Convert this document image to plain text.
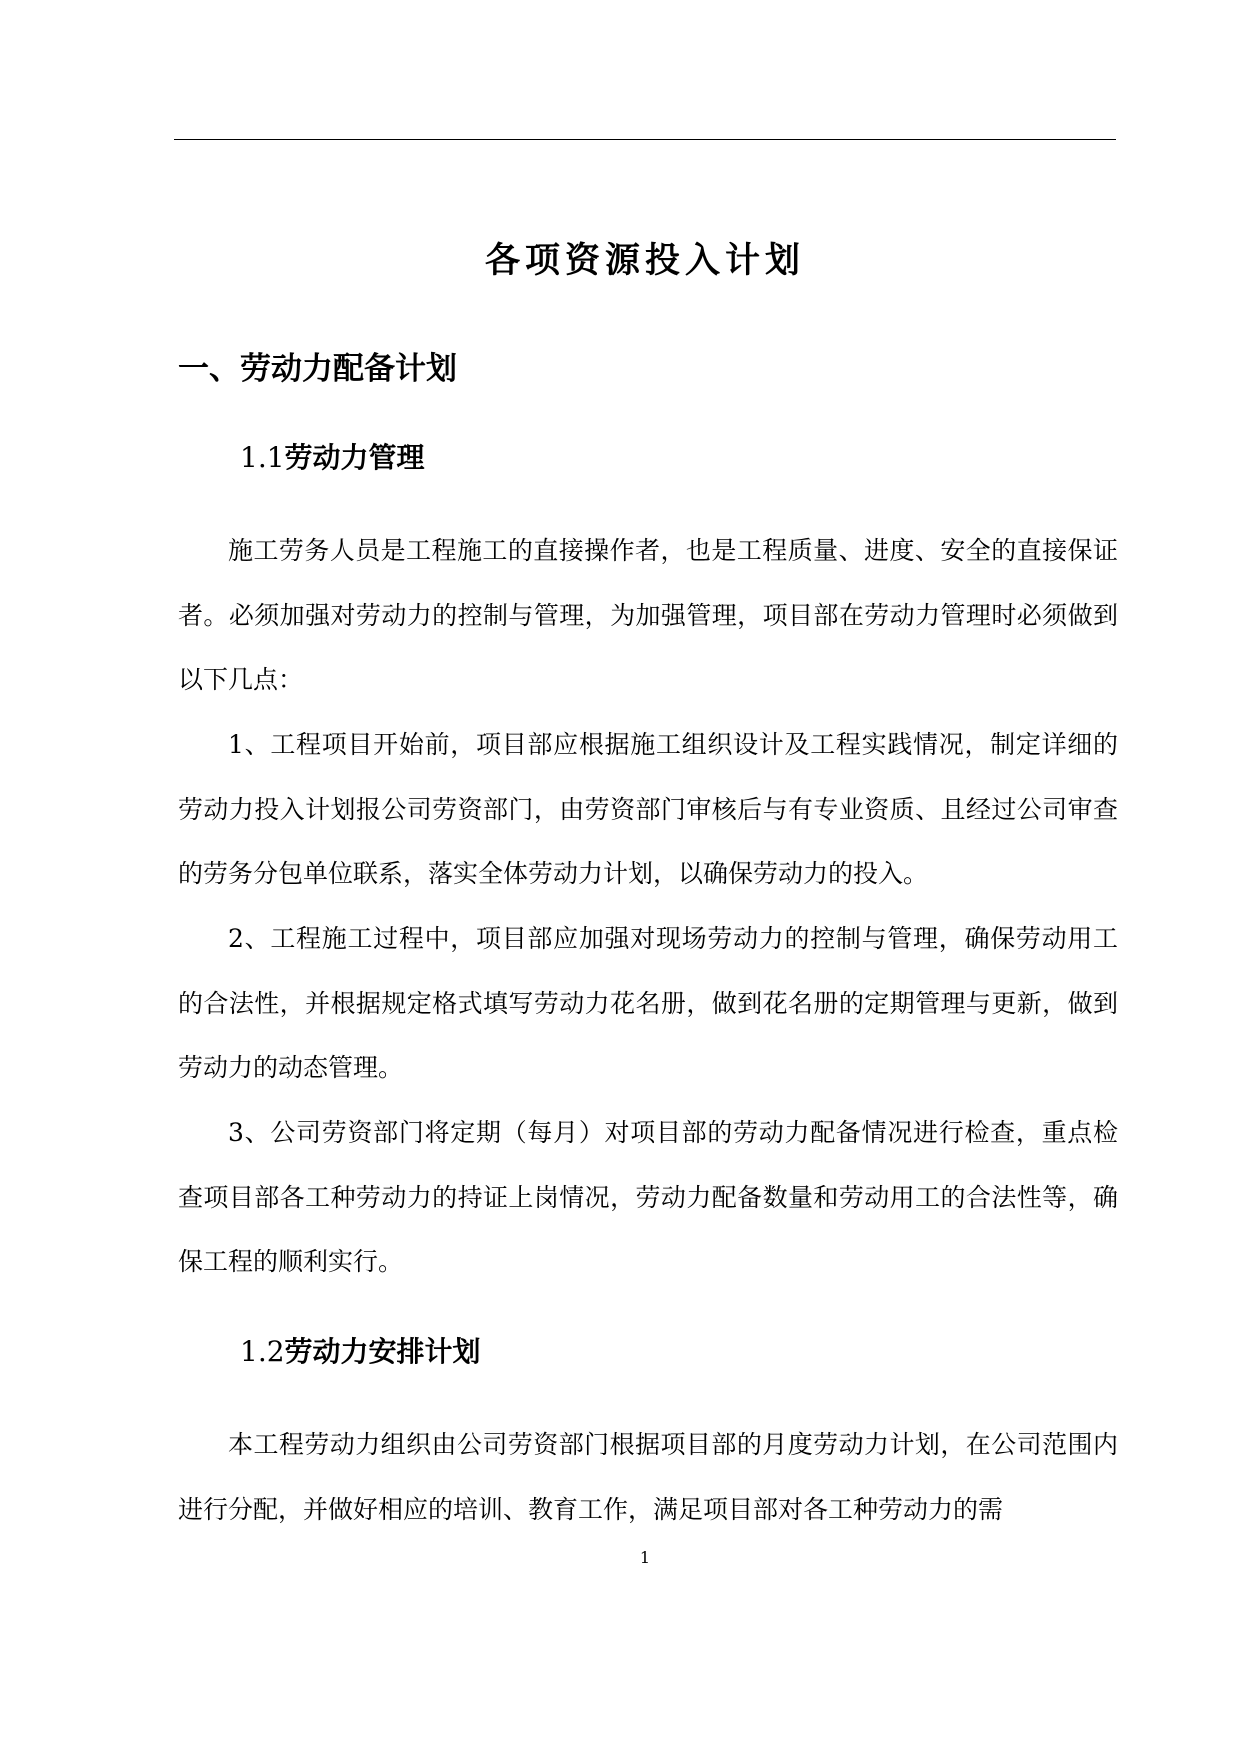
各项资源投入计划
一、劳动力配备计划
1.1劳动力管理

施工劳务人员是工程施工的直接操作者，也是工程质量、进度、安全的直接保证者。必须加强对劳动力的控制与管理，为加强管理，项目部在劳动力管理时必须做到以下几点：

1、工程项目开始前，项目部应根据施工组织设计及工程实践情况，制定详细的劳动力投入计划报公司劳资部门，由劳资部门审核后与有专业资质、且经过公司审查的劳务分包单位联系，落实全体劳动力计划，以确保劳动力的投入。

2、工程施工过程中，项目部应加强对现场劳动力的控制与管理，确保劳动用工的合法性，并根据规定格式填写劳动力花名册，做到花名册的定期管理与更新，做到劳动力的动态管理。

3、公司劳资部门将定期（每月）对项目部的劳动力配备情况进行检查，重点检查项目部各工种劳动力的持证上岗情况，劳动力配备数量和劳动用工的合法性等，确保工程的顺利实行。

1.2劳动力安排计划

本工程劳动力组织由公司劳资部门根据项目部的月度劳动力计划，在公司范围内进行分配，并做好相应的培训、教育工作，满足项目部对各工种劳动力的需

1
